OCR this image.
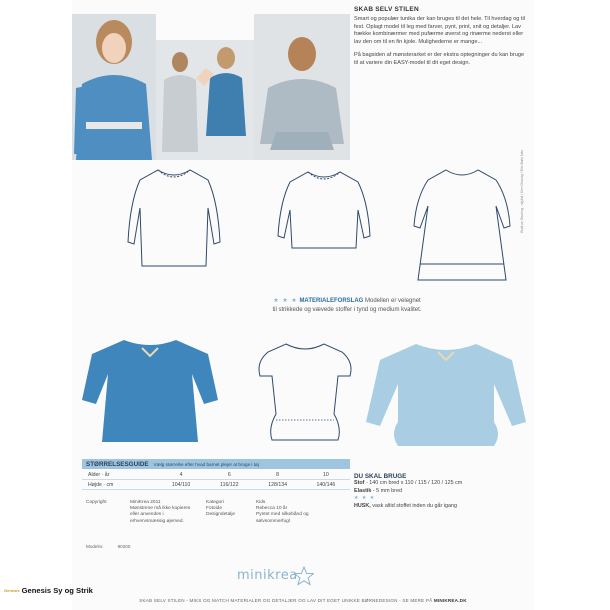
SKAB SELV STILEN

Smart og populær tunika der kan bruges til det hele. Til hverdag og til fest. Oplagt model til leg med farver, pynt, print, snit og detaljer. Lav frække kombinærmer med pufærme øverst og rinærme nederst eller lav den om til en fin kjole. Mulighederne er mange...

På bagsiden af mønsterarket er der ekstra optegninger du kan bruge til at variere din EASY-model til dit eget design.

Gudrun Seuring - stylist / Kim Gosvig / Elin Bæk foto
★ ★ ★ MATERIALEFORSLAG Modellen er velegnet
til strikkede og vævede stoffer i tynd og medium kvalitet.
STØRRELSESGUIDE Vælg størrelse efter hvad barnet plejer at bruge i tøj
Alder · år	4	6	8	10
Højde · cm	104/110	116/122	128/134	140/146
Copyright	MiniKrea 2011
Mønstrene må ikke kopieres eller anvendes i erhvervsmæssig øjemed.
Kategori
Fotoide
Designdetalje
Kids
Rebecca 10 år
Pyntet med silkebånd og sølvsommerfugl
Modelnr.	90200
DU SKAL BRUGE
Stof - 140 cm bred x 110 / 115 / 120 / 125 cm
Elastik - 5 mm bred
★ ★ ★
HUSK, vask altid stoffet inden du går igang
minikrea
SKAB SELV STILEN - MIKS OG MATCH MATERIALER OG DETALJER OG LAV DIT EGET UNIKKE BØRNEDESIGN - SE MERE PÅ MINIKREA.DK
Genesis Genesis Sy og Strik
